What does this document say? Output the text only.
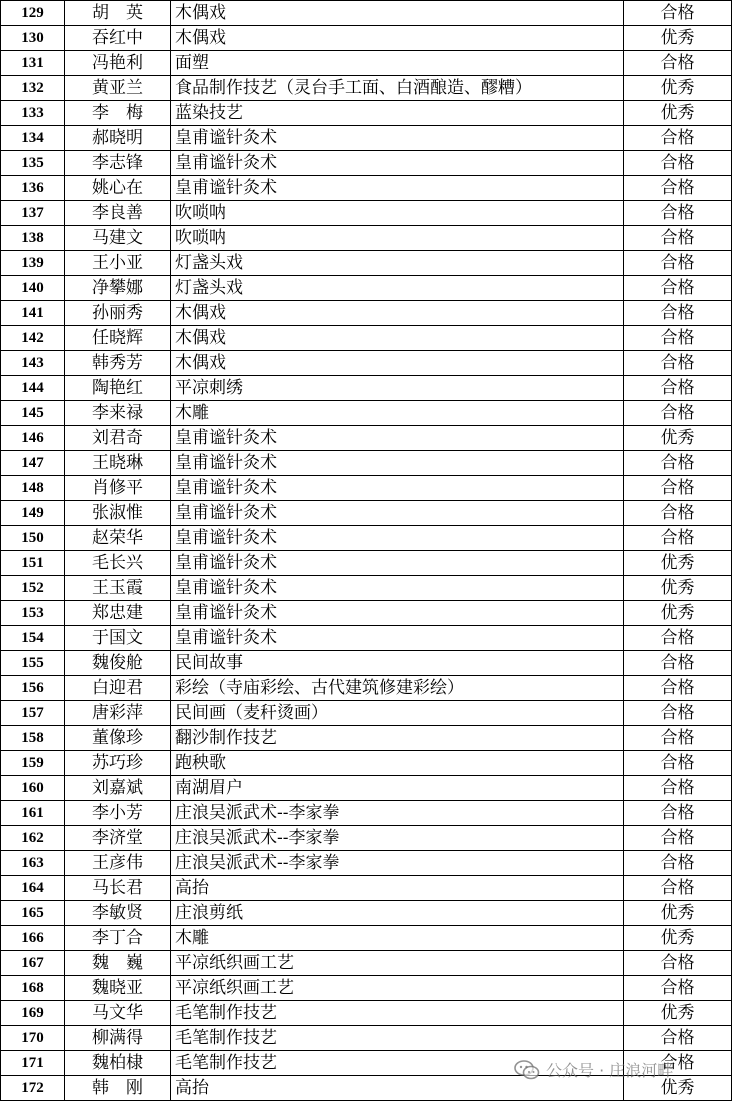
129	胡　英	木偶戏	合格
130	吞红中	木偶戏	优秀
131	冯艳利	面塑	合格
132	黄亚兰	食品制作技艺（灵台手工面、白酒酿造、醪糟）	优秀
133	李　梅	蓝染技艺	优秀
134	郝晓明	皇甫谧针灸术	合格
135	李志锋	皇甫谧针灸术	合格
136	姚心在	皇甫谧针灸术	合格
137	李良善	吹唢呐	合格
138	马建文	吹唢呐	合格
139	王小亚	灯盏头戏	合格
140	净攀娜	灯盏头戏	合格
141	孙丽秀	木偶戏	合格
142	任晓辉	木偶戏	合格
143	韩秀芳	木偶戏	合格
144	陶艳红	平凉刺绣	合格
145	李来禄	木雕	合格
146	刘君奇	皇甫谧针灸术	优秀
147	王晓琳	皇甫谧针灸术	合格
148	肖修平	皇甫谧针灸术	合格
149	张淑惟	皇甫谧针灸术	合格
150	赵荣华	皇甫谧针灸术	合格
151	毛长兴	皇甫谧针灸术	优秀
152	王玉霞	皇甫谧针灸术	优秀
153	郑忠建	皇甫谧针灸术	优秀
154	于国文	皇甫谧针灸术	合格
155	魏俊舱	民间故事	合格
156	白迎君	彩绘（寺庙彩绘、古代建筑修建彩绘）	合格
157	唐彩萍	民间画（麦秆烫画）	合格
158	董像珍	翻沙制作技艺	合格
159	苏巧珍	跑秧歌	合格
160	刘嘉斌	南湖眉户	合格
161	李小芳	庄浪吴派武术--李家拳	合格
162	李济堂	庄浪吴派武术--李家拳	合格
163	王彦伟	庄浪吴派武术--李家拳	合格
164	马长君	高抬	合格
165	李敏贤	庄浪剪纸	优秀
166	李丁合	木雕	优秀
167	魏　巍	平凉纸织画工艺	合格
168	魏晓亚	平凉纸织画工艺	合格
169	马文华	毛笔制作技艺	优秀
170	柳满得	毛笔制作技艺	合格
171	魏柏棣	毛笔制作技艺	合格
172	韩　刚	高抬	优秀
公众号 · 庄浪河畔
